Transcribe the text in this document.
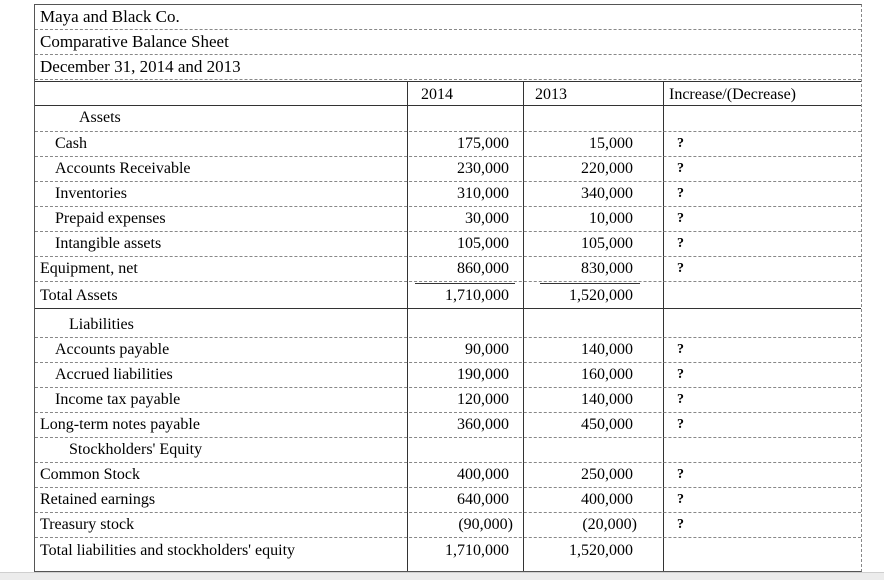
Maya and Black Co.
Comparative Balance Sheet
December 31, 2014 and 2013
2014	2013	Increase/(Decrease)
Assets
Liabilities
Stockholders' Equity
Cash	175,000	15,000	?
Accounts Receivable	230,000	220,000	?
Inventories	310,000	340,000	?
Prepaid expenses	30,000	10,000	?
Intangible assets	105,000	105,000	?
Equipment, net	860,000	830,000	?
Total Assets	1,710,000	1,520,000
Accounts payable	90,000	140,000	?
Accrued liabilities	190,000	160,000	?
Income tax payable	120,000	140,000	?
Long-term notes payable	360,000	450,000	?
Common Stock	400,000	250,000	?
Retained earnings	640,000	400,000	?
Treasury stock	(90,000)	(20,000)	?
Total liabilities and stockholders' equity	1,710,000	1,520,000
